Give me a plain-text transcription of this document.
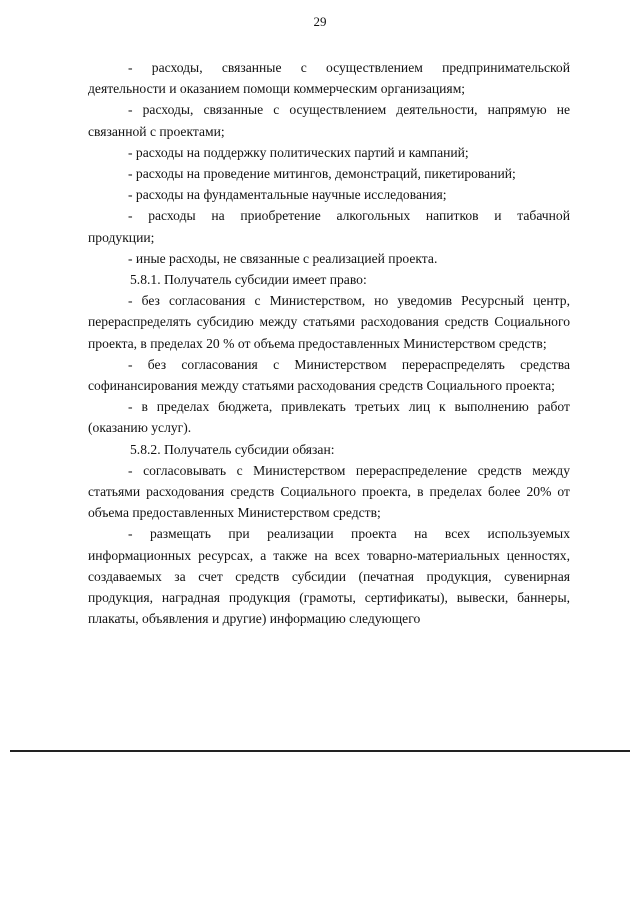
29

- расходы, связанные с осуществлением предпринимательской деятельности и оказанием помощи коммерческим организациям;

- расходы, связанные с осуществлением деятельности, напрямую не связанной с проектами;

- расходы на поддержку политических партий и кампаний;

- расходы на проведение митингов, демонстраций, пикетирований;

- расходы на фундаментальные научные исследования;

- расходы на приобретение алкогольных напитков и табачной продукции;

- иные расходы, не связанные с реализацией проекта.

5.8.1. Получатель субсидии имеет право:

- без согласования с Министерством, но уведомив Ресурсный центр, перераспределять субсидию между статьями расходования средств Социального проекта, в пределах 20 % от объема предоставленных Министерством средств;

- без согласования с Министерством перераспределять средства софинансирования между статьями расходования средств Социального проекта;

- в пределах бюджета, привлекать третьих лиц к выполнению работ (оказанию услуг).

5.8.2. Получатель субсидии обязан:

- согласовывать с Министерством перераспределение средств между статьями расходования средств Социального проекта, в пределах более 20% от объема предоставленных Министерством средств;

- размещать при реализации проекта на всех используемых информационных ресурсах, а также на всех товарно-материальных ценностях, создаваемых за счет средств субсидии (печатная продукция, сувенирная продукция, наградная продукция (грамоты, сертификаты), вывески, баннеры, плакаты, объявления и другие) информацию следующего
